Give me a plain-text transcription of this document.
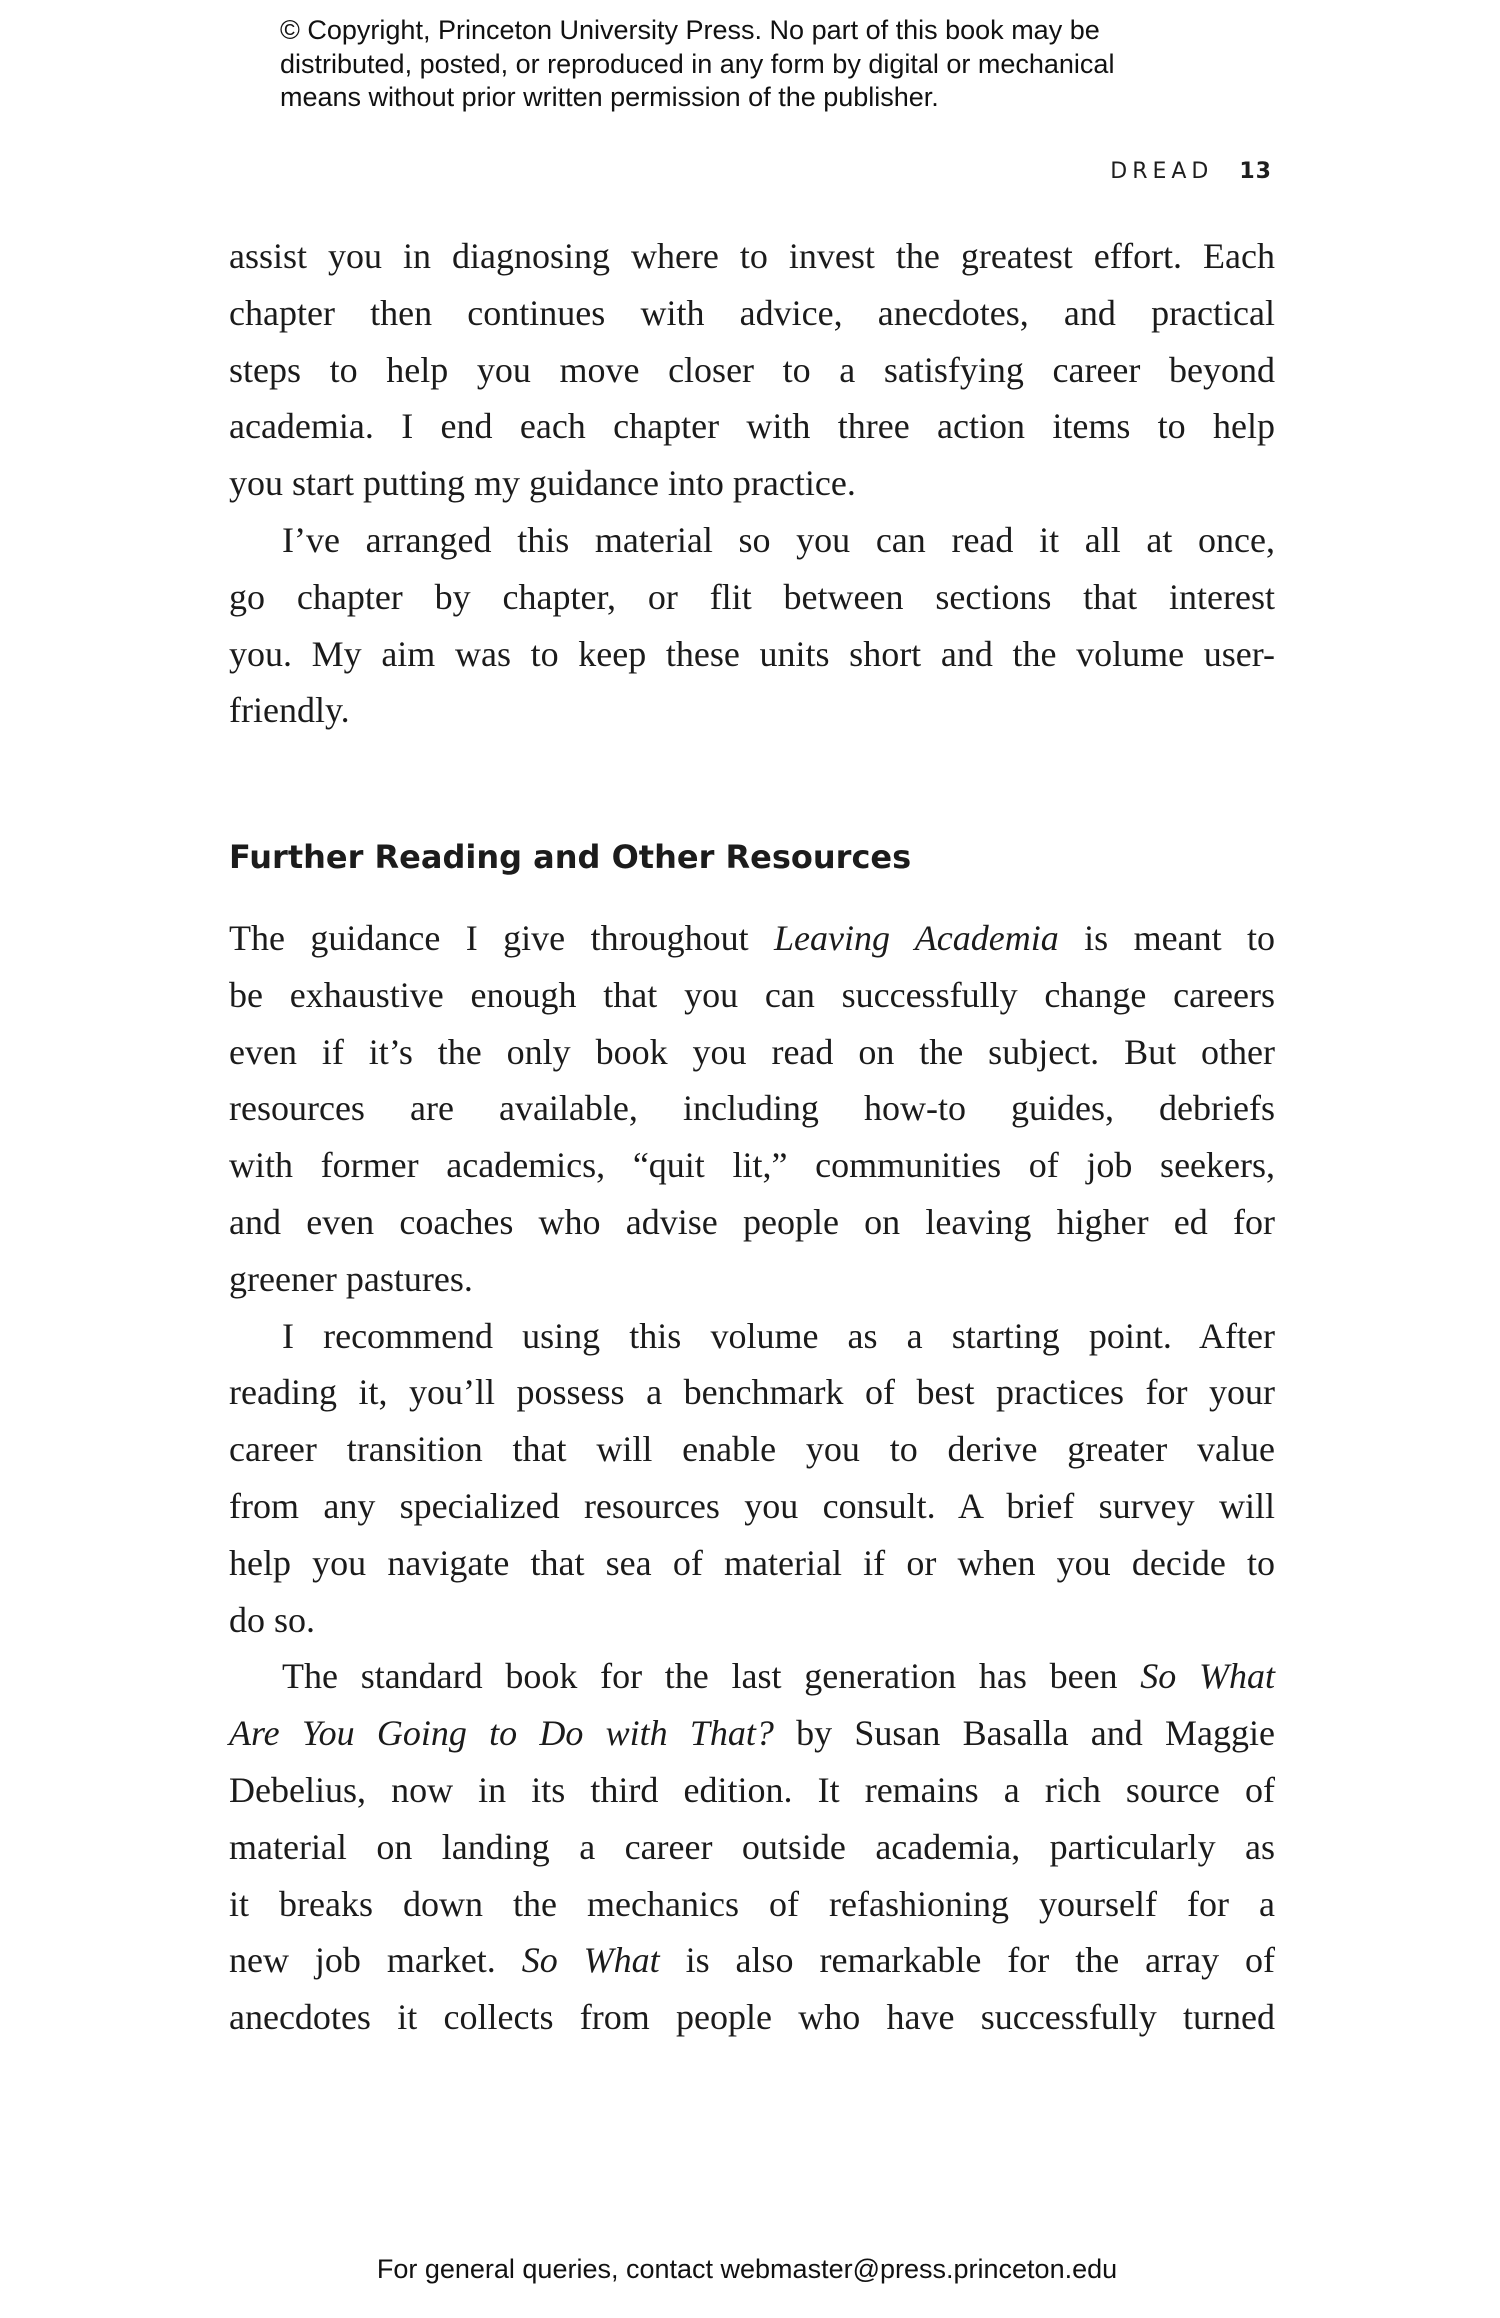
© Copyright, Princeton University Press. No part of this book may be
distributed, posted, or reproduced in any form by digital or mechanical
means without prior written permission of the publisher.
DREAD 13
assist you in diagnosing where to invest the greatest effort. Each
chapter then continues with advice, anecdotes, and practical
steps to help you move closer to a satisfying career beyond
academia. I end each chapter with three action items to help
you start putting my guidance into practice.
I’ve arranged this material so you can read it all at once,
go chapter by chapter, or flit between sections that interest
you. My aim was to keep these units short and the volume user-
friendly.
Further Reading and Other Resources
The guidance I give throughout Leaving Academia is meant to
be exhaustive enough that you can successfully change careers
even if it’s the only book you read on the subject. But other
resources are available, including how-to guides, debriefs
with former academics, “quit lit,” communities of job seekers,
and even coaches who advise people on leaving higher ed for
greener pastures.
I recommend using this volume as a starting point. After
reading it, you’ll possess a benchmark of best practices for your
career transition that will enable you to derive greater value
from any specialized resources you consult. A brief survey will
help you navigate that sea of material if or when you decide to
do so.
The standard book for the last generation has been So What
Are You Going to Do with That? by Susan Basalla and Maggie
Debelius, now in its third edition. It remains a rich source of
material on landing a career outside academia, particularly as
it breaks down the mechanics of refashioning yourself for a
new job market. So What is also remarkable for the array of
anecdotes it collects from people who have successfully turned
For general queries, contact webmaster@press.princeton.edu
